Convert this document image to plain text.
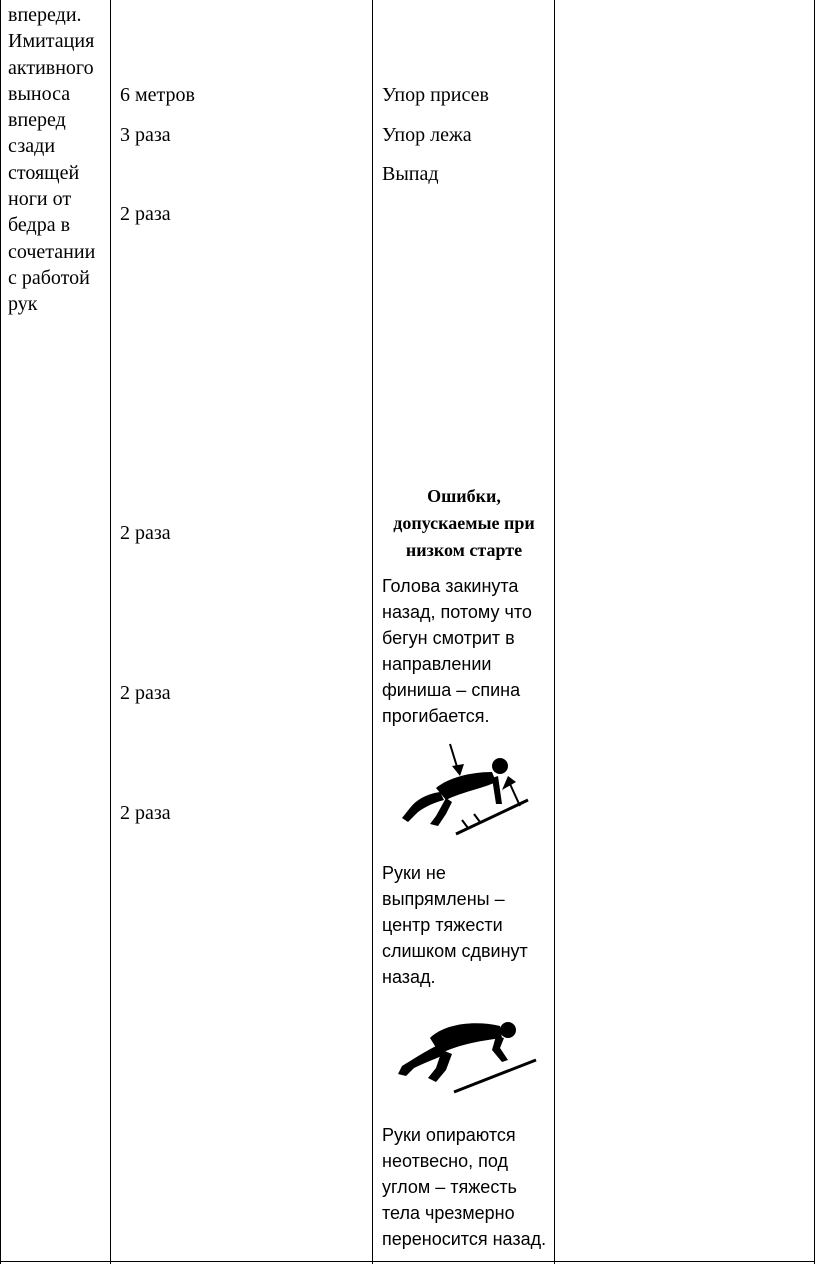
впереди.
Имитация
активного
выноса
вперед
сзади
стоящей
ноги от
бедра в
сочетании
с работой
рук
6 метров
3 раза
2 раза
2 раза
2 раза
2 раза
Упор присев
Упор лежа
Выпад
Ошибки,
допускаемые при
низком старте
Голова закинута
назад, потому что
бегун смотрит в
направлении
финиша – спина
прогибается.
Руки не
выпрямлены –
центр тяжести
слишком сдвинут
назад.
Руки опираются
неотвесно, под
углом – тяжесть
тела чрезмерно
переносится назад.
